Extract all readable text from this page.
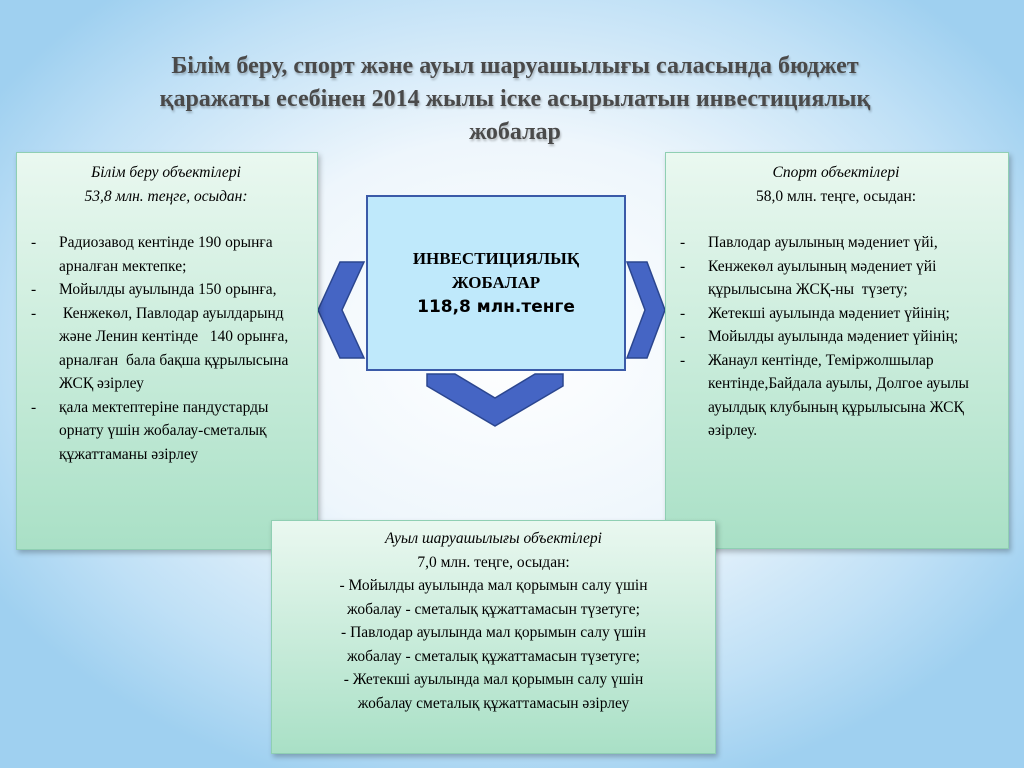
Білім беру, спорт және ауыл шаруашылығы саласында бюджет
қаражаты есебінен 2014 жылы іске асырылатын инвестициялық
жобалар
Білім беру объектілері
53,8 млн. теңге, осыдан:
- Радиозавод кентінде 190 орынға арналған мектепке;
- Мойылды ауылында 150 орынға,
- Кенжекөл, Павлодар ауылдарынд және Ленин кентінде   140 орынға, арналған  бала бақша құрылысына ЖСҚ әзірлеу
- қала мектептеріне пандустарды орнату үшін жобалау-сметалық құжаттаманы әзірлеу
Спорт объектілері
58,0 млн. теңге, осыдан:
- Павлодар ауылының мәдениет үйі,
- Кенжекөл ауылының мәдениет үйі құрылысына ЖСҚ-ны  түзету;
- Жетекші ауылында мәдениет үйінің;
- Мойылды ауылында мәдениет үйінің;
- Жанаул кентінде, Теміржолшылар кентінде,Байдала ауылы, Долгое ауылы ауылдық клубының құрылысына ЖСҚ әзірлеу.
ИНВЕСТИЦИЯЛЫҚ
ЖОБАЛАР
118,8 млн.тенге
Ауыл шаруашылығы объектілері
7,0 млн. теңге, осыдан:
- Мойылды ауылында мал қорымын салу үшін
жобалау - сметалық құжаттамасын түзетуге;
- Павлодар ауылында мал қорымын салу үшін
жобалау - сметалық құжаттамасын түзетуге;
- Жетекші ауылында мал қорымын салу үшін
жобалау сметалық құжаттамасын әзірлеу
